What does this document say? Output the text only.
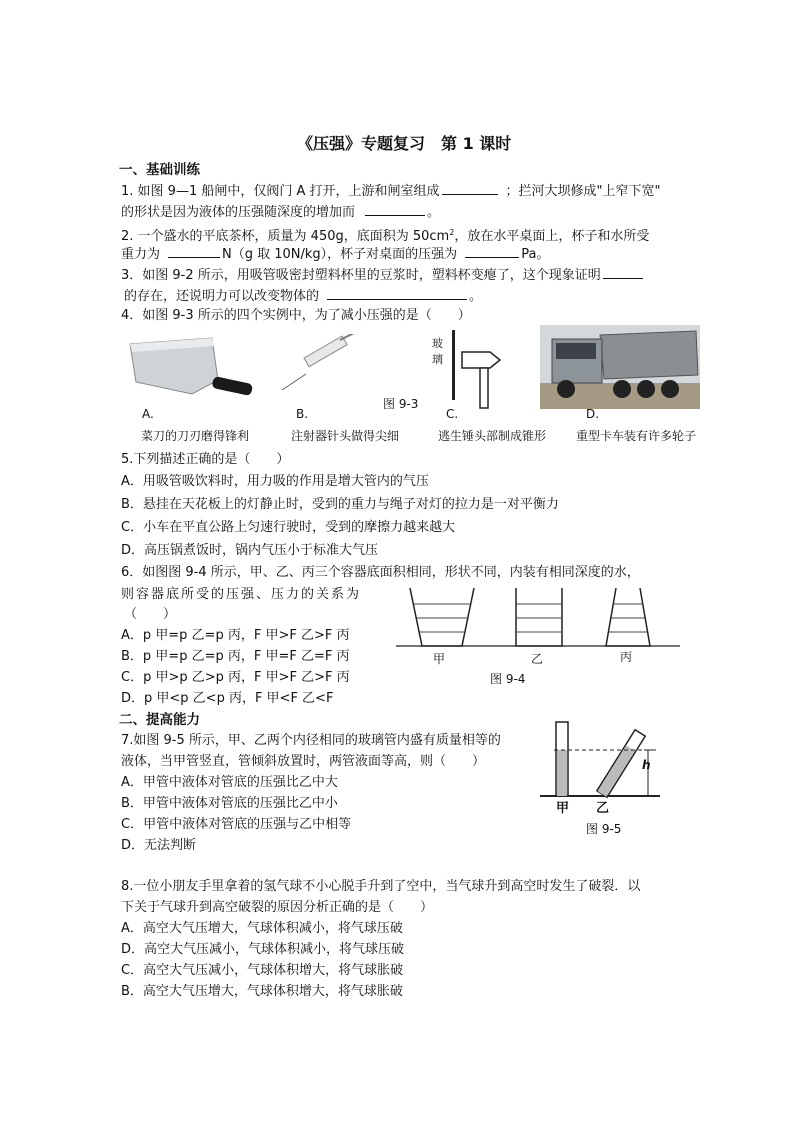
《压强》专题复习　第 1 课时
一、基础训练
1. 如图 9—1 船闸中，仅阀门 A 打开，上游和闸室组成	；拦河大坝修成"上窄下宽"
的形状是因为液体的压强随深度的增加而	。
2. 一个盛水的平底茶杯，质量为 450g，底面积为 $50cm^2$，放在水平桌面上，杯子和水所受
重力为	N（g 取 10N/kg），杯子对桌面的压强为	Pa。
3．如图 9-2 所示，用吸管吸密封塑料杯里的豆浆时，塑料杯变瘪了，这个现象证明
的存在，还说明力可以改变物体的	。
4．如图 9-3 所示的四个实例中，为了减小压强的是（　　）
玻
璃
图 9-3
A.	B.	C.	D.
菜刀的刀刃磨得锋利	注射器针头做得尖细	逃生锤头部制成锥形 重型卡车装有许多轮子
5.下列描述正确的是（　　）
A．用吸管吸饮料时，用力吸的作用是增大管内的气压
B．悬挂在天花板上的灯静止时，受到的重力与绳子对灯的拉力是一对平衡力
C．小车在平直公路上匀速行驶时，受到的摩擦力越来越大
D．高压锅煮饭时，锅内气压小于标准大气压
6．如图图 9-4 所示，甲、乙、丙三个容器底面积相同，形状不同，内装有相同深度的水，
则容器底所受的压强、压力的关系为
（　　）
A．p 甲=p 乙=p 丙，F 甲>F 乙>F 丙
B．p 甲=p 乙=p 丙，F 甲=F 乙=F 丙
C．p 甲>p 乙>p 丙，F 甲>F 乙>F 丙
D．p 甲<p 乙<p 丙，F 甲<F 乙<F
甲	乙	丙
图 9-4
二、提高能力
7.如图 9-5 所示，甲、乙两个内径相同的玻璃管内盛有质量相等的
液体，当甲管竖直，管倾斜放置时，两管液面等高，则（　　）
A．甲管中液体对管底的压强比乙中大
B．甲管中液体对管底的压强比乙中小
C．甲管中液体对管底的压强与乙中相等
D．无法判断
h
甲 乙
图 9-5
8.一位小朋友手里拿着的氢气球不小心脱手升到了空中，当气球升到高空时发生了破裂．以
下关于气球升到高空破裂的原因分析正确的是（　　）
A．高空大气压增大，气球体积减小，将气球压破
D．高空大气压减小，气球体积减小，将气球压破
C．高空大气压减小，气球体积增大，将气球胀破
B．高空大气压增大，气球体积增大，将气球胀破
